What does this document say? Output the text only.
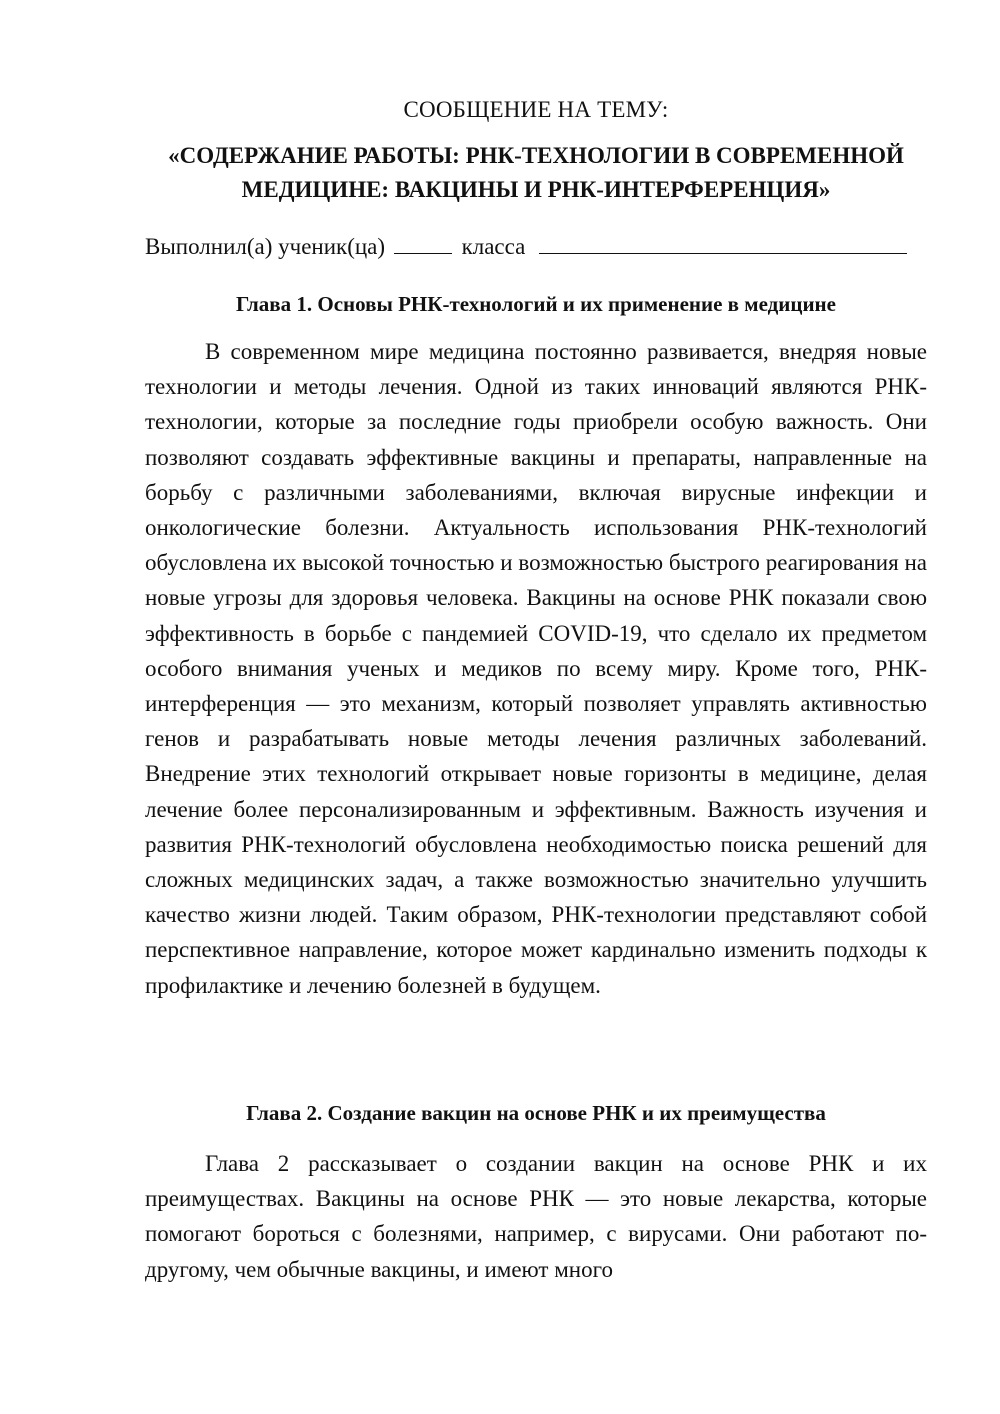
СООБЩЕНИЕ НА ТЕМУ:
«СОДЕРЖАНИЕ РАБОТЫ: РНК-ТЕХНОЛОГИИ В СОВРЕМЕННОЙ МЕДИЦИНЕ: ВАКЦИНЫ И РНК-ИНТЕРФЕРЕНЦИЯ»
Выполнил(а) ученик(ца)	класса
Глава 1. Основы РНК-технологий и их применение в медицине

В современном мире медицина постоянно развивается, внедряя новые технологии и методы лечения. Одной из таких инноваций являются РНК-технологии, которые за последние годы приобрели особую важность. Они позволяют создавать эффективные вакцины и препараты, направленные на борьбу с различными заболеваниями, включая вирусные инфекции и онкологические болезни. Актуальность использования РНК-технологий обусловлена их высокой точностью и возможностью быстрого реагирования на новые угрозы для здоровья человека. Вакцины на основе РНК показали свою эффективность в борьбе с пандемией COVID-19, что сделало их предметом особого внимания ученых и медиков по всему миру. Кроме того, РНК-интерференция — это механизм, который позволяет управлять активностью генов и разрабатывать новые методы лечения различных заболеваний. Внедрение этих технологий открывает новые горизонты в медицине, делая лечение более персонализированным и эффективным. Важность изучения и развития РНК-технологий обусловлена необходимостью поиска решений для сложных медицинских задач, а также возможностью значительно улучшить качество жизни людей. Таким образом, РНК-технологии представляют собой перспективное направление, которое может кардинально изменить подходы к профилактике и лечению болезней в будущем.

Глава 2. Создание вакцин на основе РНК и их преимущества

Глава 2 рассказывает о создании вакцин на основе РНК и их преимуществах. Вакцины на основе РНК — это новые лекарства, которые помогают бороться с болезнями, например, с вирусами. Они работают по-другому, чем обычные вакцины, и имеют много
